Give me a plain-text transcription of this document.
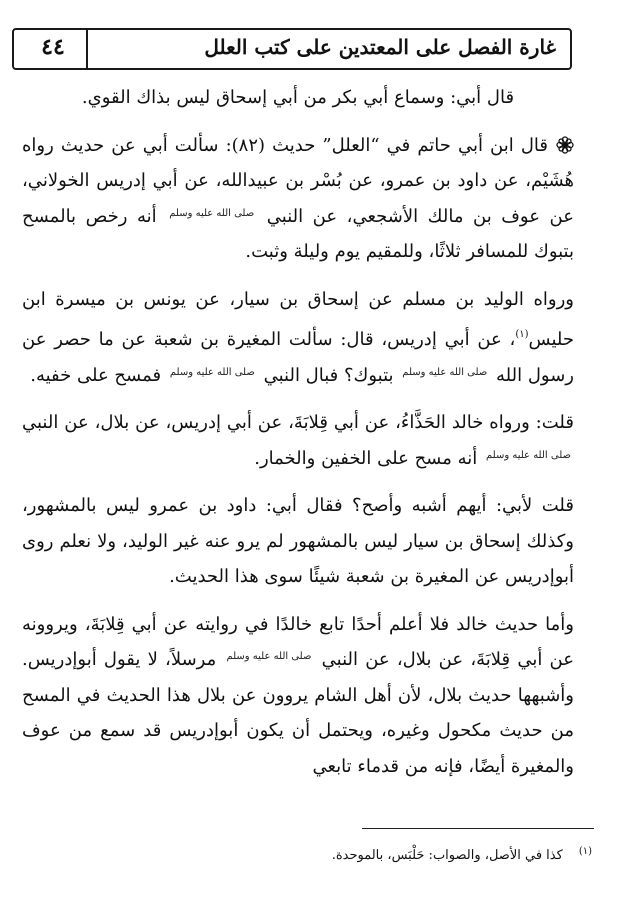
غارة الفصل على المعتدين على كتب العلل
٤٤

قال أبي: وسماع أبي بكر من أبي إسحاق ليس بذاك القوي.

قال ابن أبي حاتم في “العلل” حديث (٨٢): سألت أبي عن حديث رواه هُشَيْم، عن داود بن عمرو، عن بُسْر بن عبيدالله، عن أبي إدريس الخولاني، عن عوف بن مالك الأشجعي، عن النبي صلى الله عليه وسلم أنه رخص بالمسح بتبوك للمسافر ثلاثًا، وللمقيم يوم وليلة وثبت.

ورواه الوليد بن مسلم عن إسحاق بن سيار، عن يونس بن ميسرة ابن حليس$^{(١)}$، عن أبي إدريس، قال: سألت المغيرة بن شعبة عن ما حصر عن رسول الله صلى الله عليه وسلم بتبوك؟ فبال النبي صلى الله عليه وسلم فمسح على خفيه.

قلت: ورواه خالد الحَذَّاءُ، عن أبي قِلابَةَ، عن أبي إدريس، عن بلال، عن النبي صلى الله عليه وسلم أنه مسح على الخفين والخمار.

قلت لأبي: أيهم أشبه وأصح؟ فقال أبي: داود بن عمرو ليس بالمشهور، وكذلك إسحاق بن سيار ليس بالمشهور لم يرو عنه غير الوليد، ولا نعلم روى أبوإدريس عن المغيرة بن شعبة شيئًا سوى هذا الحديث.

وأما حديث خالد فلا أعلم أحدًا تابع خالدًا في روايته عن أبي قِلابَةَ، ويروونه عن أبي قِلابَةَ، عن بلال، عن النبي صلى الله عليه وسلم مرسلاً، لا يقول أبوإدريس. وأشبهها حديث بلال، لأن أهل الشام يروون عن بلال هذا الحديث في المسح من حديث مكحول وغيره، ويحتمل أن يكون أبوإدريس قد سمع من عوف والمغيرة أيضًا، فإنه من قدماء تابعي

$^{(١)}$كذا في الأصل، والصواب: حَلْبَس، بالموحدة.
